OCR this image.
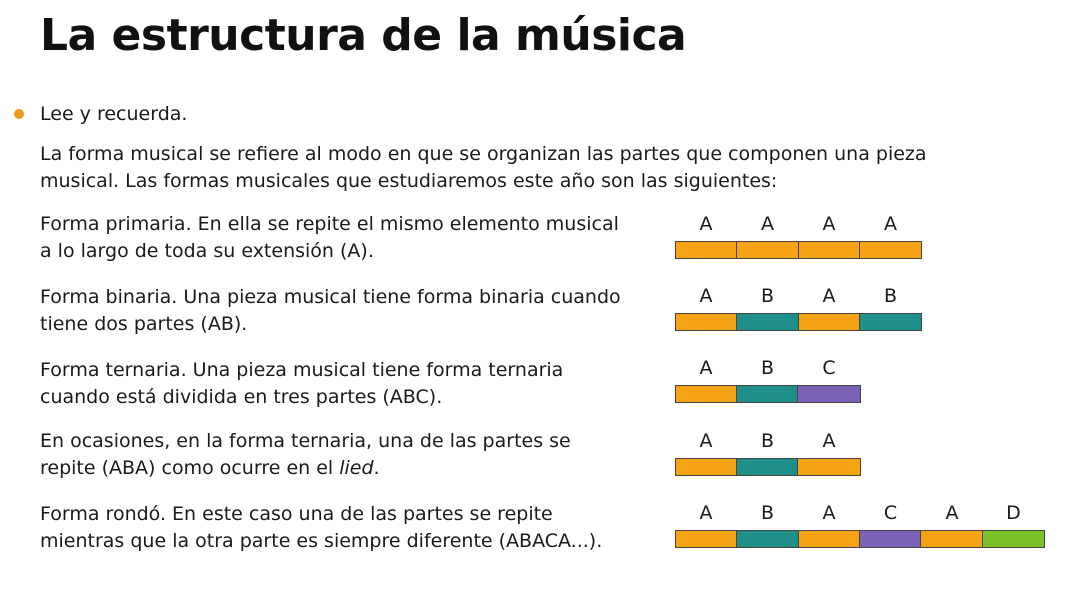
La estructura de la música
Lee y recuerda.
La forma musical se refiere al modo en que se organizan las partes que componen una pieza musical. Las formas musicales que estudiaremos este año son las siguientes:
Forma primaria. En ella se repite el mismo elemento musical a lo largo de toda su extensión (A).
A	A	A	A
Forma binaria. Una pieza musical tiene forma binaria cuando tiene dos partes (AB).
A	B	A	B
Forma ternaria. Una pieza musical tiene forma ternaria cuando está dividida en tres partes (ABC).
A	B	C
En ocasiones, en la forma ternaria, una de las partes se repite (ABA) como ocurre en el lied.
A	B	A
Forma rondó. En este caso una de las partes se repite mientras que la otra parte es siempre diferente (ABACA...).
A	B	A	C	A	D
